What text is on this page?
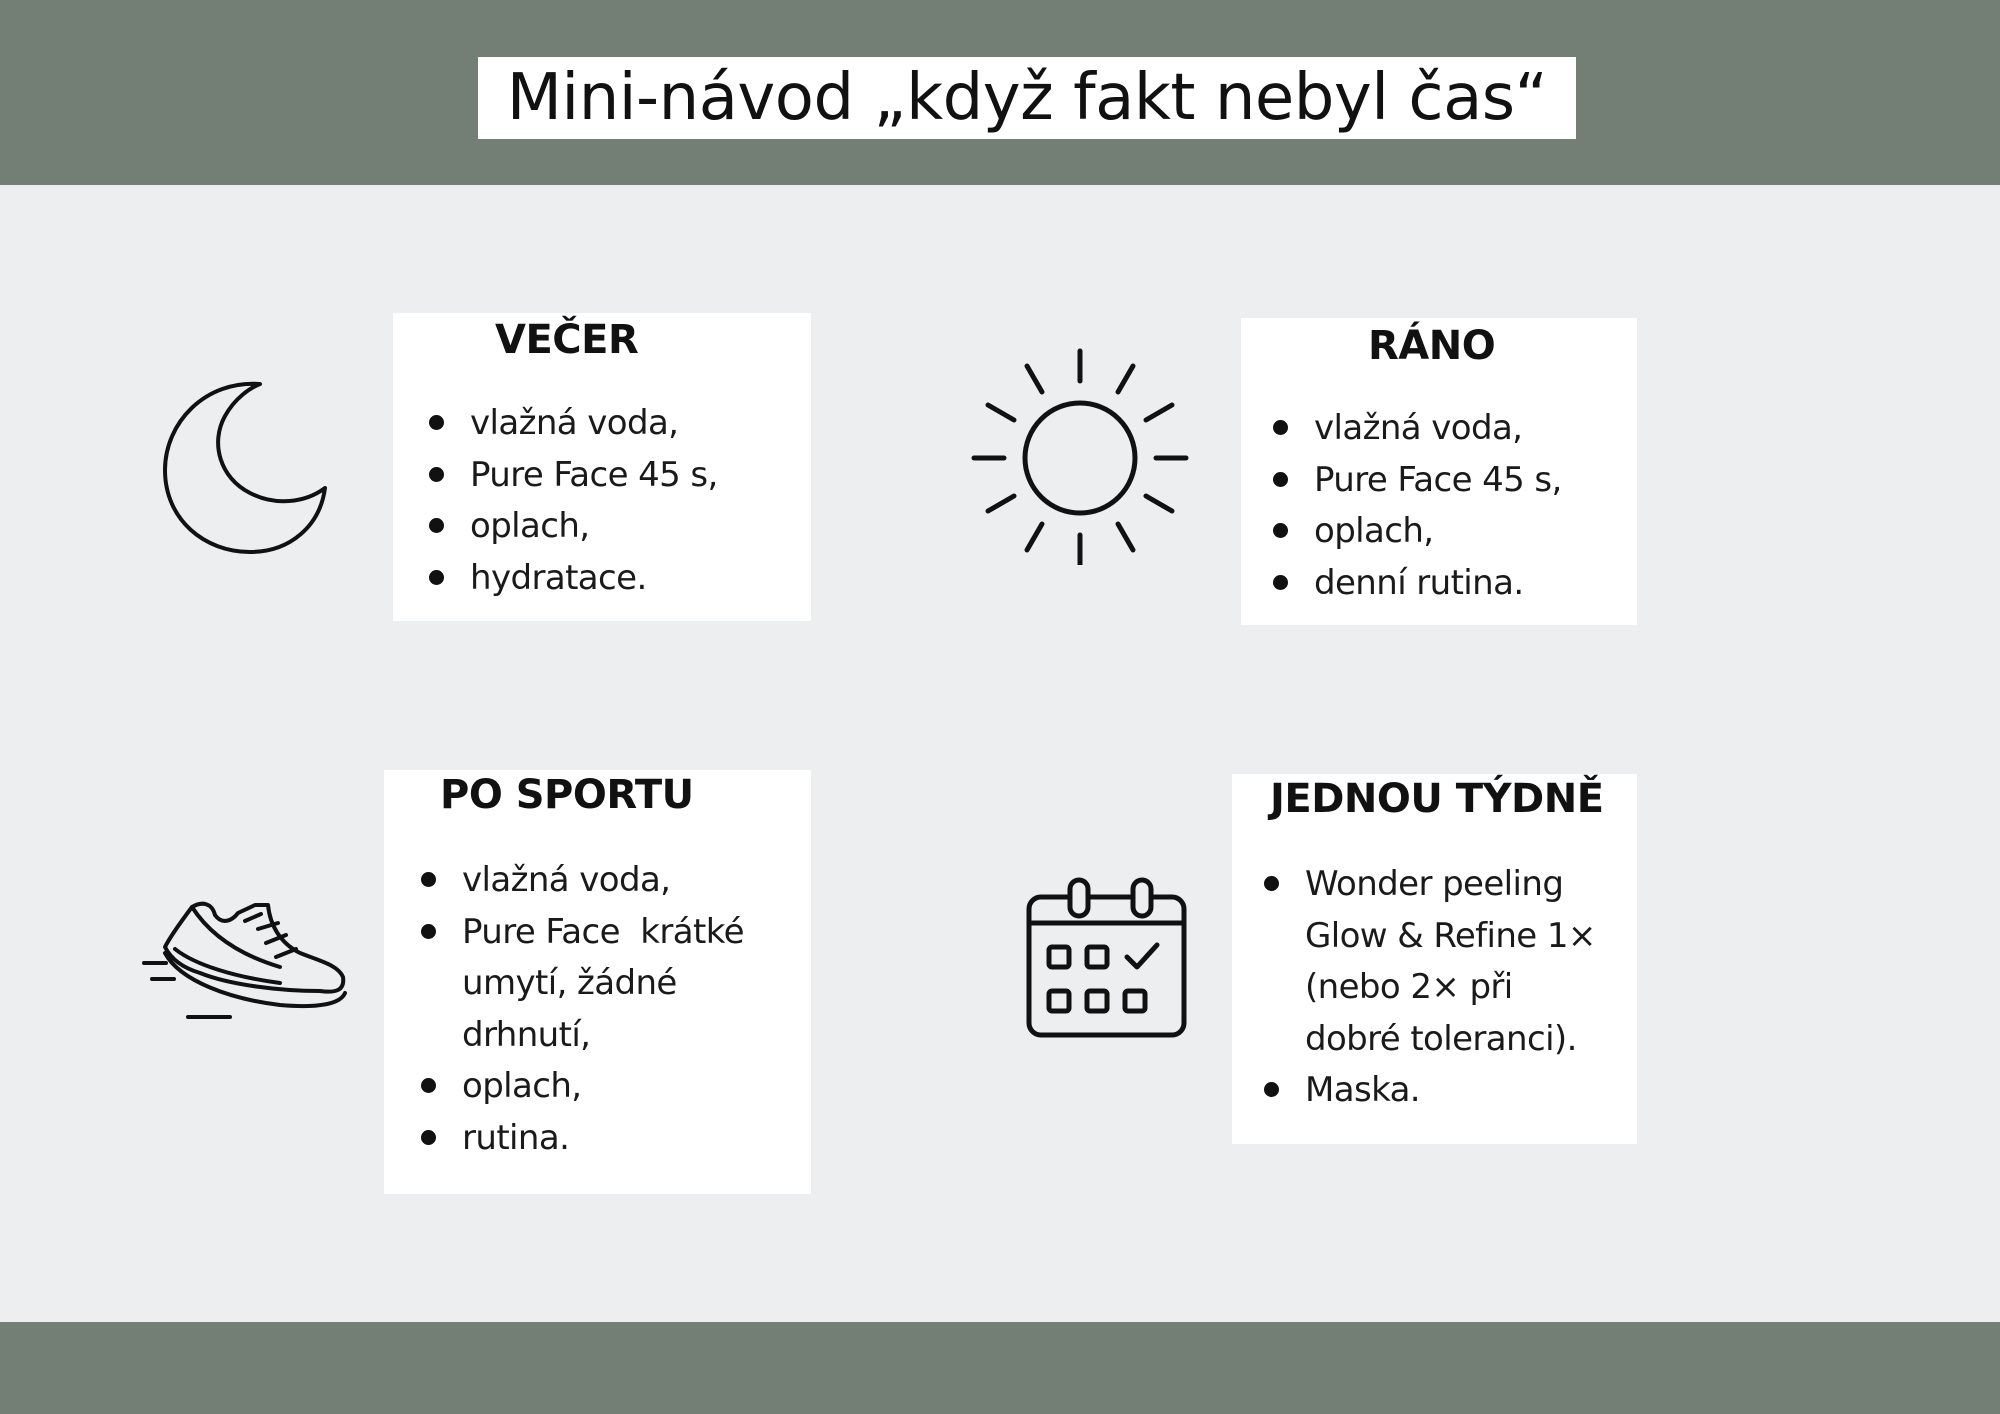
Mini-návod „když fakt nebyl čas“
VEČER
vlažná voda,
Pure Face 45 s,
oplach,
hydratace.
RÁNO
vlažná voda,
Pure Face 45 s,
oplach,
denní rutina.
PO SPORTU
vlažná voda,
Pure Face  krátké umytí, žádné drhnutí,
oplach,
rutina.
JEDNOU TÝDNĚ
Wonder peeling Glow & Refine 1× (nebo 2× při dobré toleranci).
Maska.
